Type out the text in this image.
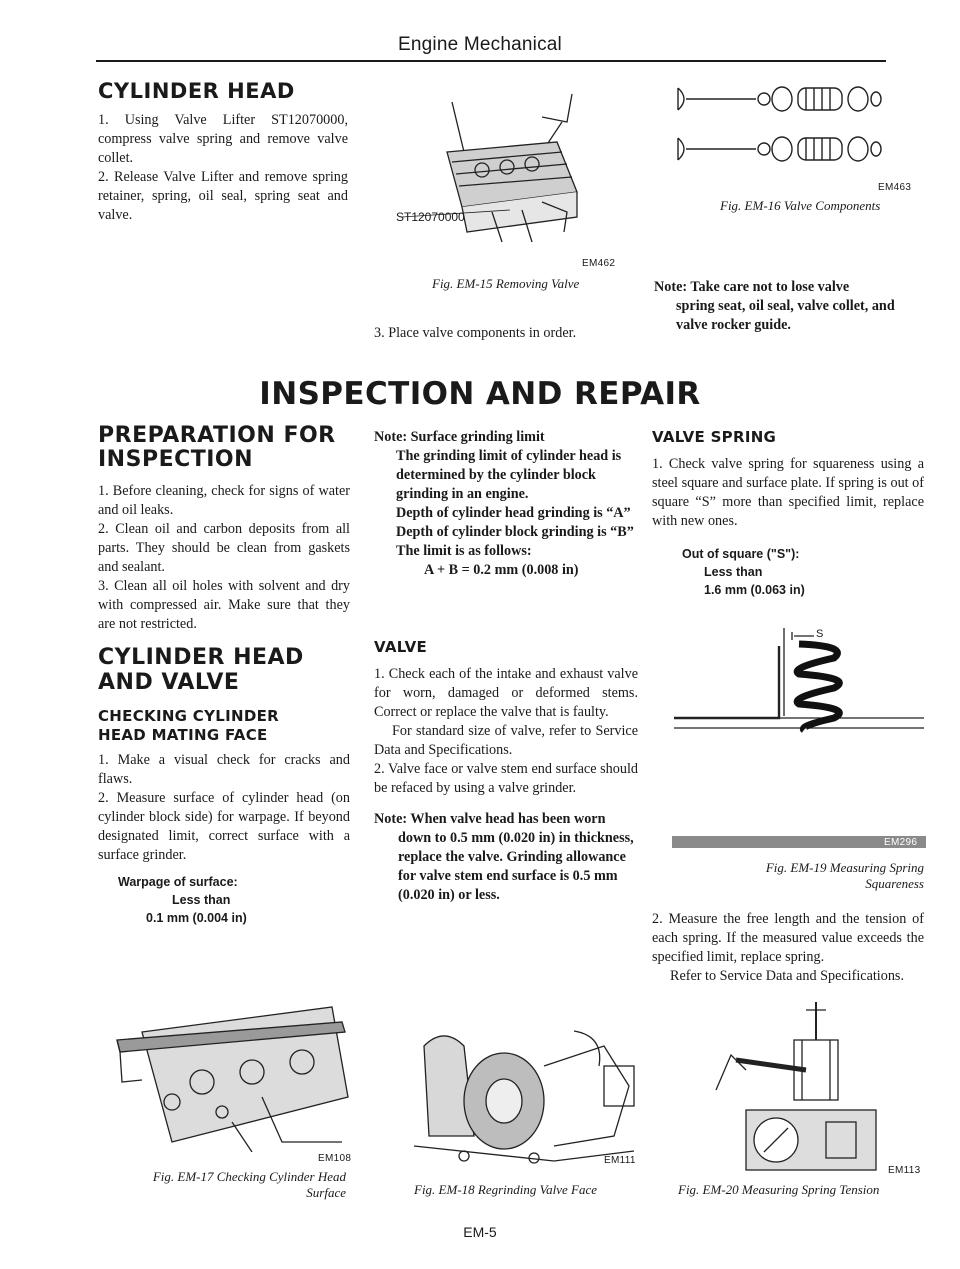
Engine Mechanical
CYLINDER HEAD

1. Using Valve Lifter ST12070000, compress valve spring and remove valve collet.

2. Release Valve Lifter and remove spring retainer, spring, oil seal, spring seat and valve.	ST12070000
EM462
Fig. EM-15 Removing Valve
3. Place valve components in order.
EM463
Fig. EM-16 Valve Components
Note: Take care not to lose valve
spring seat, oil seal, valve collet, and valve rocker guide.
INSPECTION AND REPAIR
PREPARATION FOR
INSPECTION

1. Before cleaning, check for signs of water and oil leaks.

2. Clean oil and carbon deposits from all parts. They should be clean from gaskets and sealant.

3. Clean all oil holes with solvent and dry with compressed air. Make sure that they are not restricted.

CYLINDER HEAD
AND VALVE
CHECKING CYLINDER
HEAD MATING FACE

1. Make a visual check for cracks and flaws.

2. Measure surface of cylinder head (on cylinder block side) for warpage. If beyond designated limit, correct surface with a surface grinder.

Warpage of surface:
Less than
0.1 mm (0.004 in)
EM108
Fig. EM-17 Checking Cylinder Head
Surface
Note: Surface grinding limit
The grinding limit of cylinder head is determined by the cylinder block grinding in an engine.
Depth of cylinder head grinding is “A”
Depth of cylinder block grinding is “B”
The limit is as follows:
A + B = 0.2 mm (0.008 in)
VALVE

1. Check each of the intake and exhaust valve for worn, damaged or deformed stems. Correct or replace the valve that is faulty.

For standard size of valve, refer to Service Data and Specifications.

2. Valve face or valve stem end surface should be refaced by using a valve grinder.

Note: When valve head has been worn
down to 0.5 mm (0.020 in) in thickness, replace the valve. Grinding allowance for valve stem end surface is 0.5 mm (0.020 in) or less.
EM111
Fig. EM-18 Regrinding Valve Face
VALVE SPRING

1. Check valve spring for squareness using a steel square and surface plate. If spring is out of square “S” more than specified limit, replace with new ones.

Out of square ("S"):
Less than
1.6 mm (0.063 in)
S
EM296
Fig. EM-19 Measuring Spring
Squareness

2. Measure the free length and the tension of each spring. If the measured value exceeds the specified limit, replace spring.

Refer to Service Data and Specifications.

EM113
Fig. EM-20 Measuring Spring Tension
EM-5
